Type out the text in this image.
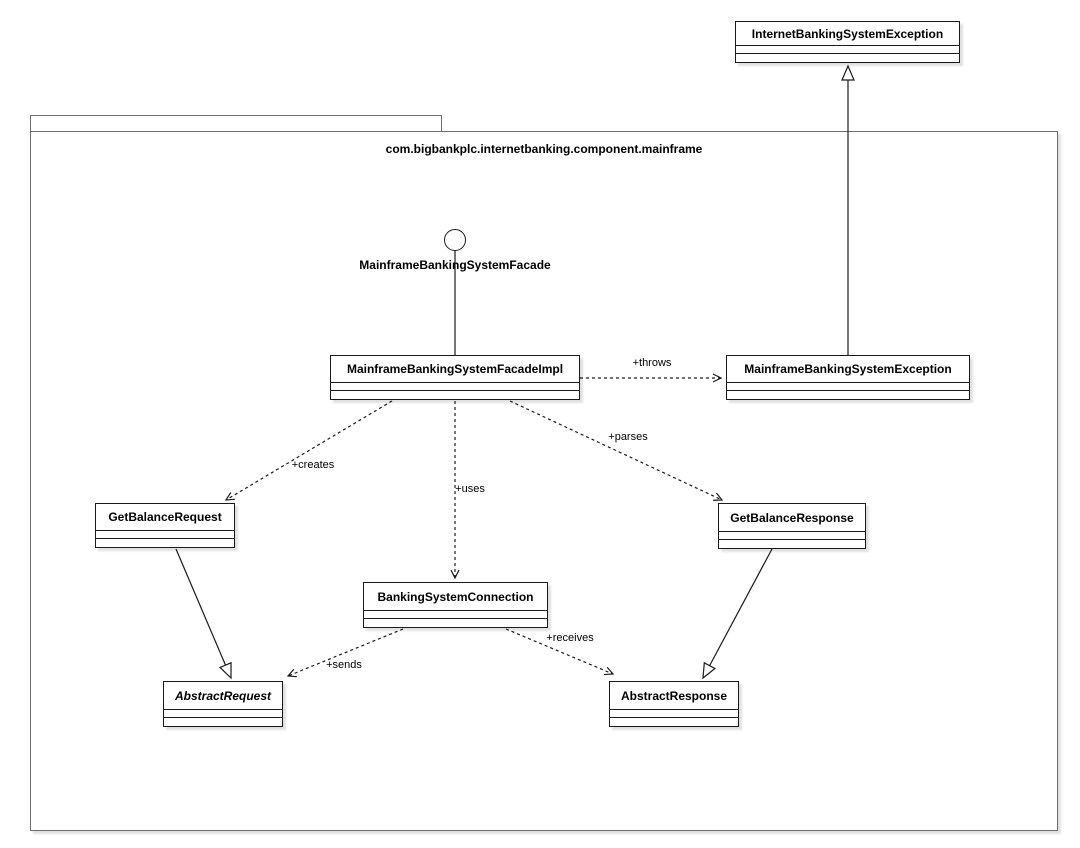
com.bigbankplc.internetbanking.component.mainframe
MainframeBankingSystemFacade
InternetBankingSystemException
MainframeBankingSystemFacadeImpl	MainframeBankingSystemException
GetBalanceRequest
BankingSystemConnection
GetBalanceResponse
AbstractRequest	AbstractResponse
+throws
+creates
+uses
+parses
+sends
+receives
